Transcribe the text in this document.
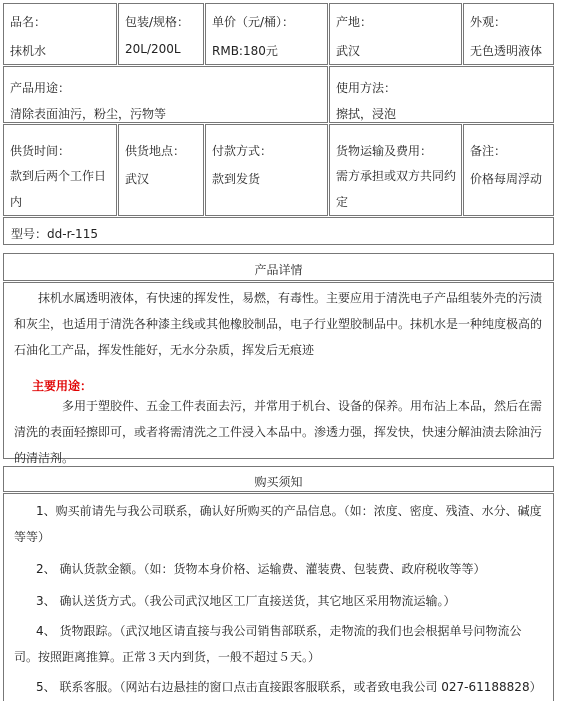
品名：
抹机水
包装/规格：
20L/200L
单价（元/桶）：
RMB:180元
产地：
武汉
外观：
无色透明液体
产品用途：
清除表面油污，粉尘，污物等
使用方法：
擦拭，浸泡
供货时间：
款到后两个工作日内
供货地点：
武汉
付款方式：
款到发货
货物运输及费用：
需方承担或双方共同约定
备注：
价格每周浮动
型号：dd-r-115
产品详情
抹机水属透明液体，有快速的挥发性，易燃，有毒性。主要应用于清洗电子产品组装外壳的污渍和灰尘，也适用于清洗各种漆主线或其他橡胶制品，电子行业塑胶制品中。抹机水是一种纯度极高的石油化工产品，挥发性能好，无水分杂质，挥发后无痕迹
主要用途：
多用于塑胶件、五金工件表面去污，并常用于机台、设备的保养。用布沾上本品，然后在需清洗的表面轻擦即可，或者将需清洗之工件浸入本品中。渗透力强，挥发快，快速分解油渍去除油污的清洁剂。
购买须知
1、购买前请先与我公司联系，确认好所购买的产品信息。（如：浓度、密度、残渣、水分、碱度等等）
2、 确认货款金额。（如：货物本身价格、运输费、灌装费、包装费、政府税收等等）
3、 确认送货方式。（我公司武汉地区工厂直接送货，其它地区采用物流运输。）
4、 货物跟踪。（武汉地区请直接与我公司销售部联系，走物流的我们也会根据单号问物流公司。按照距离推算。正常３天内到货，一般不超过５天。）
5、 联系客服。（网站右边悬挂的窗口点击直接跟客服联系，或者致电我公司 027-61188828）
